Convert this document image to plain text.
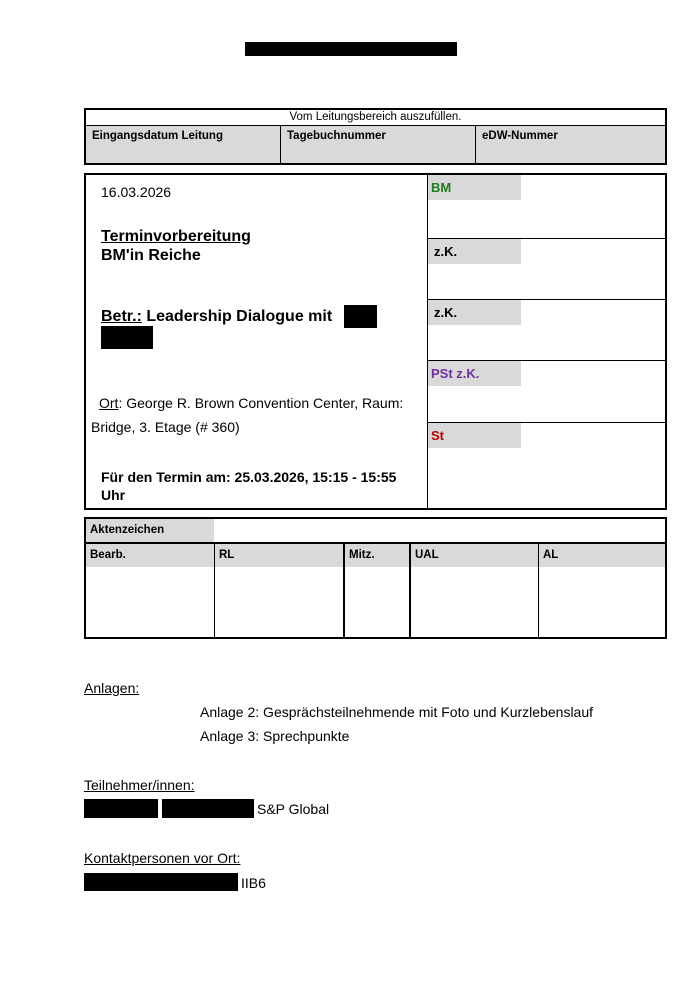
Vom Leitungsbereich auszufüllen.
Eingangsdatum Leitung	Tagebuchnummer	eDW-Nummer
16.03.2026
Terminvorbereitung
BM'in Reiche
Betr.: Leadership Dialogue mit
Ort: George R. Brown Convention Center, Raum:
Bridge, 3. Etage (# 360)
Für den Termin am: 25.03.2026, 15:15 - 15:55
Uhr
BM
z.K.
z.K.
PSt z.K.
St
Aktenzeichen
Bearb.	RL	Mitz.	UAL	AL
Anlagen:
Anlage 2: Gesprächsteilnehmende mit Foto und Kurzlebenslauf
Anlage 3: Sprechpunkte
Teilnehmer/innen:
S&P Global
Kontaktpersonen vor Ort:
IIB6
